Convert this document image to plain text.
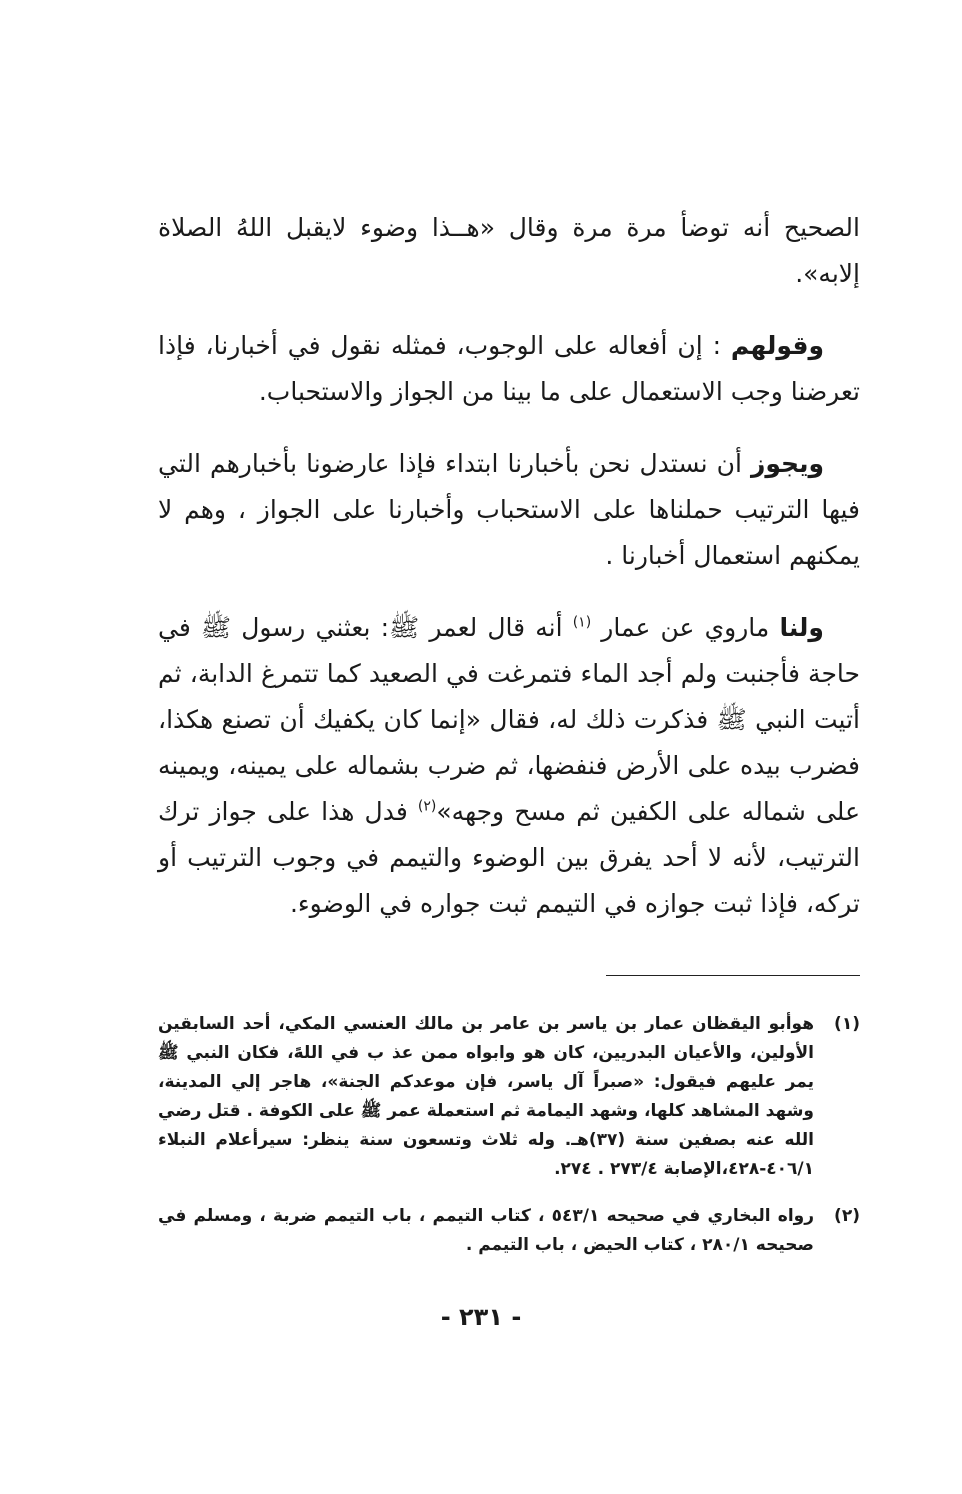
الصحيح أنه توضأ مرة مرة وقال «هــذا وضوء لايقبل اللهُ الصلاة إلابه».

وقولهم : إن أفعاله على الوجوب، فمثله نقول في أخبارنا، فإذا تعرضنا وجب الاستعمال على ما بينا من الجواز والاستحباب.

ويجوز أن نستدل نحن بأخبارنا ابتداء فإذا عارضونا بأخبارهم التي فيها الترتيب حملناها على الاستحباب وأخبارنا على الجواز ، وهم لا يمكنهم استعمال أخبارنا .

ولنا ماروي عن عمار $^{(١)}$ أنه قال لعمر ﷺ: بعثني رسول ﷺ في حاجة فأجنبت ولم أجد الماء فتمرغت في الصعيد كما تتمرغ الدابة، ثم أتيت النبي ﷺ فذكرت ذلك له، فقال «إنما كان يكفيك أن تصنع هكذا، فضرب بيده على الأرض فنفضها، ثم ضرب بشماله على يمينه، ويمينه على شماله على الكفين ثم مسح وجهه»$^{(٢)}$ فدل هذا على جواز ترك الترتيب، لأنه لا أحد يفرق بين الوضوء والتيمم في وجوب الترتيب أو تركه، فإذا ثبت جوازه في التيمم ثبت جواره في الوضوء.

(١)
هوأبو اليقظان عمار بن ياسر بن عامر بن مالك العنسي المكي، أحد السابقين الأولين، والأعيان البدريين، كان هو وابواه ممن عذ ب في اللهً، فكان النبي ﷺ يمر عليهم فيقول: «صبراً آل ياسر، فإن موعدكم الجنة»، هاجر إلي المدينة، وشهد المشاهد كلها، وشهد اليمامة ثم استعملة عمر ﷺ على الكوفة . قتل رضي الله عنه بصفين سنة (٣٧)هـ. وله ثلاث وتسعون سنة ينظر: سيرأعلام النبلاء ٤٠٦/١-٤٢٨،الإصابة ٢٧٣/٤ . ٢٧٤.
(٢)
رواه البخاري في صحيحه ٥٤٣/١ ، كتاب التيمم ، باب التيمم ضربة ، ومسلم في صحيحه ٢٨٠/١ ، كتاب الحيض ، باب التيمم .
- ٢٣١ -
